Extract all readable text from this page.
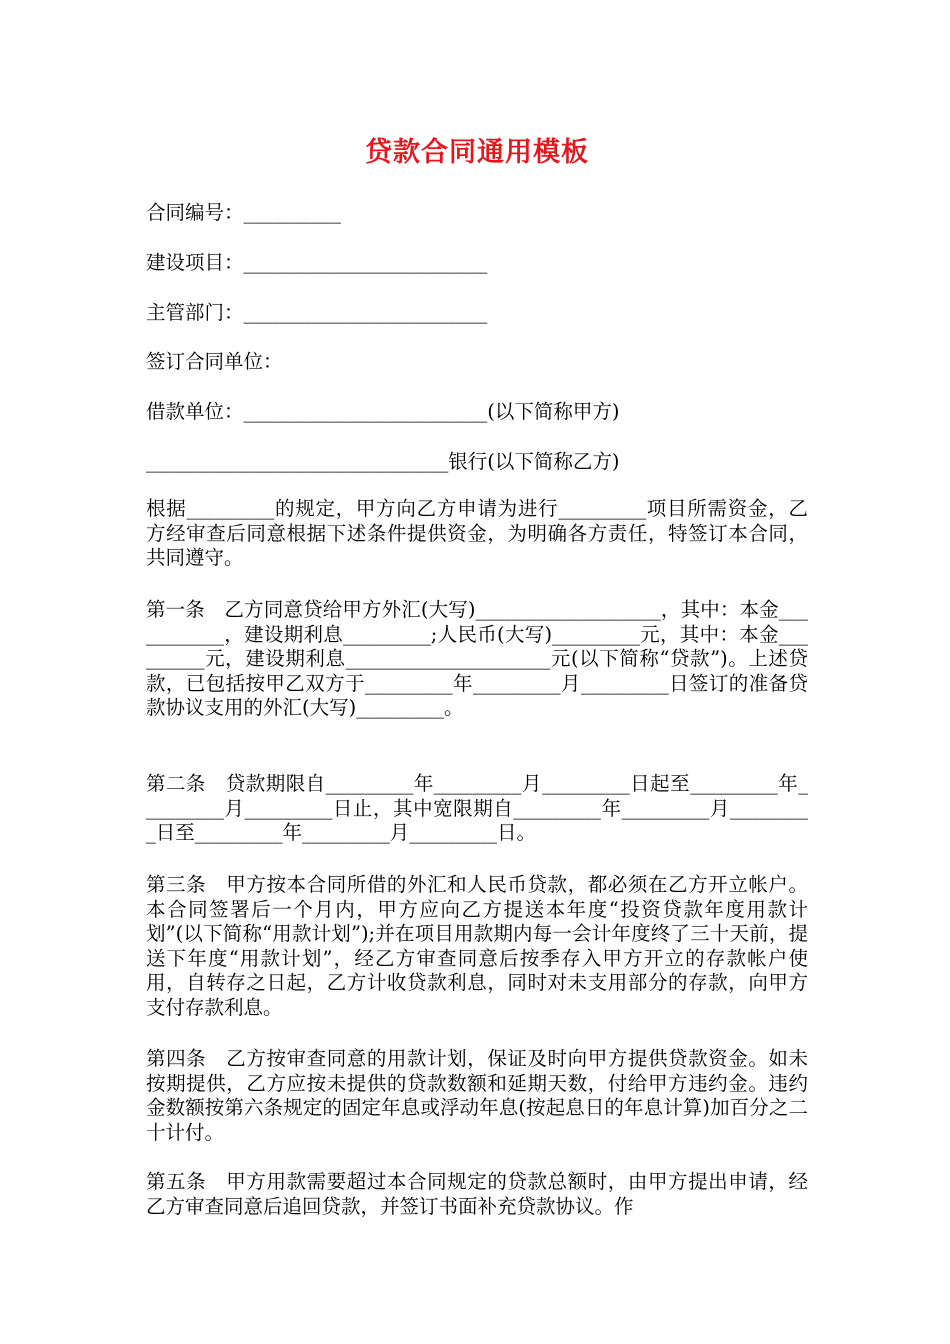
贷款合同通用模板
合同编号：__________
建设项目：_________________________
主管部门：_________________________
签订合同单位：
借款单位：_________________________(以下简称甲方)
_______________________________银行(以下简称乙方)
根据_________的规定，甲方向乙方申请为进行_________项目所需资金，乙方经审查后同意根据下述条件提供资金，为明确各方责任，特签订本合同，共同遵守。
第一条　乙方同意贷给甲方外汇(大写)___________________，其中：本金___________，建设期利息_________;人民币(大写)_________元，其中：本金_________元，建设期利息_____________________元(以下简称“贷款”)。上述贷款，已包括按甲乙双方于_________年_________月_________日签订的准备贷款协议支用的外汇(大写)_________。
第二条　贷款期限自_________年_________月_________日起至_________年_________月_________日止，其中宽限期自_________年_________月_________日至_________年_________月_________日。
第三条　甲方按本合同所借的外汇和人民币贷款，都必须在乙方开立帐户。本合同签署后一个月内，甲方应向乙方提送本年度“投资贷款年度用款计划”(以下简称“用款计划”);并在项目用款期内每一会计年度终了三十天前，提送下年度“用款计划”，经乙方审查同意后按季存入甲方开立的存款帐户使用，自转存之日起，乙方计收贷款利息，同时对未支用部分的存款，向甲方支付存款利息。
第四条　乙方按审查同意的用款计划，保证及时向甲方提供贷款资金。如未按期提供，乙方应按未提供的贷款数额和延期天数，付给甲方违约金。违约金数额按第六条规定的固定年息或浮动年息(按起息日的年息计算)加百分之二十计付。
第五条　甲方用款需要超过本合同规定的贷款总额时，由甲方提出申请，经乙方审查同意后追回贷款，并签订书面补充贷款协议。作
